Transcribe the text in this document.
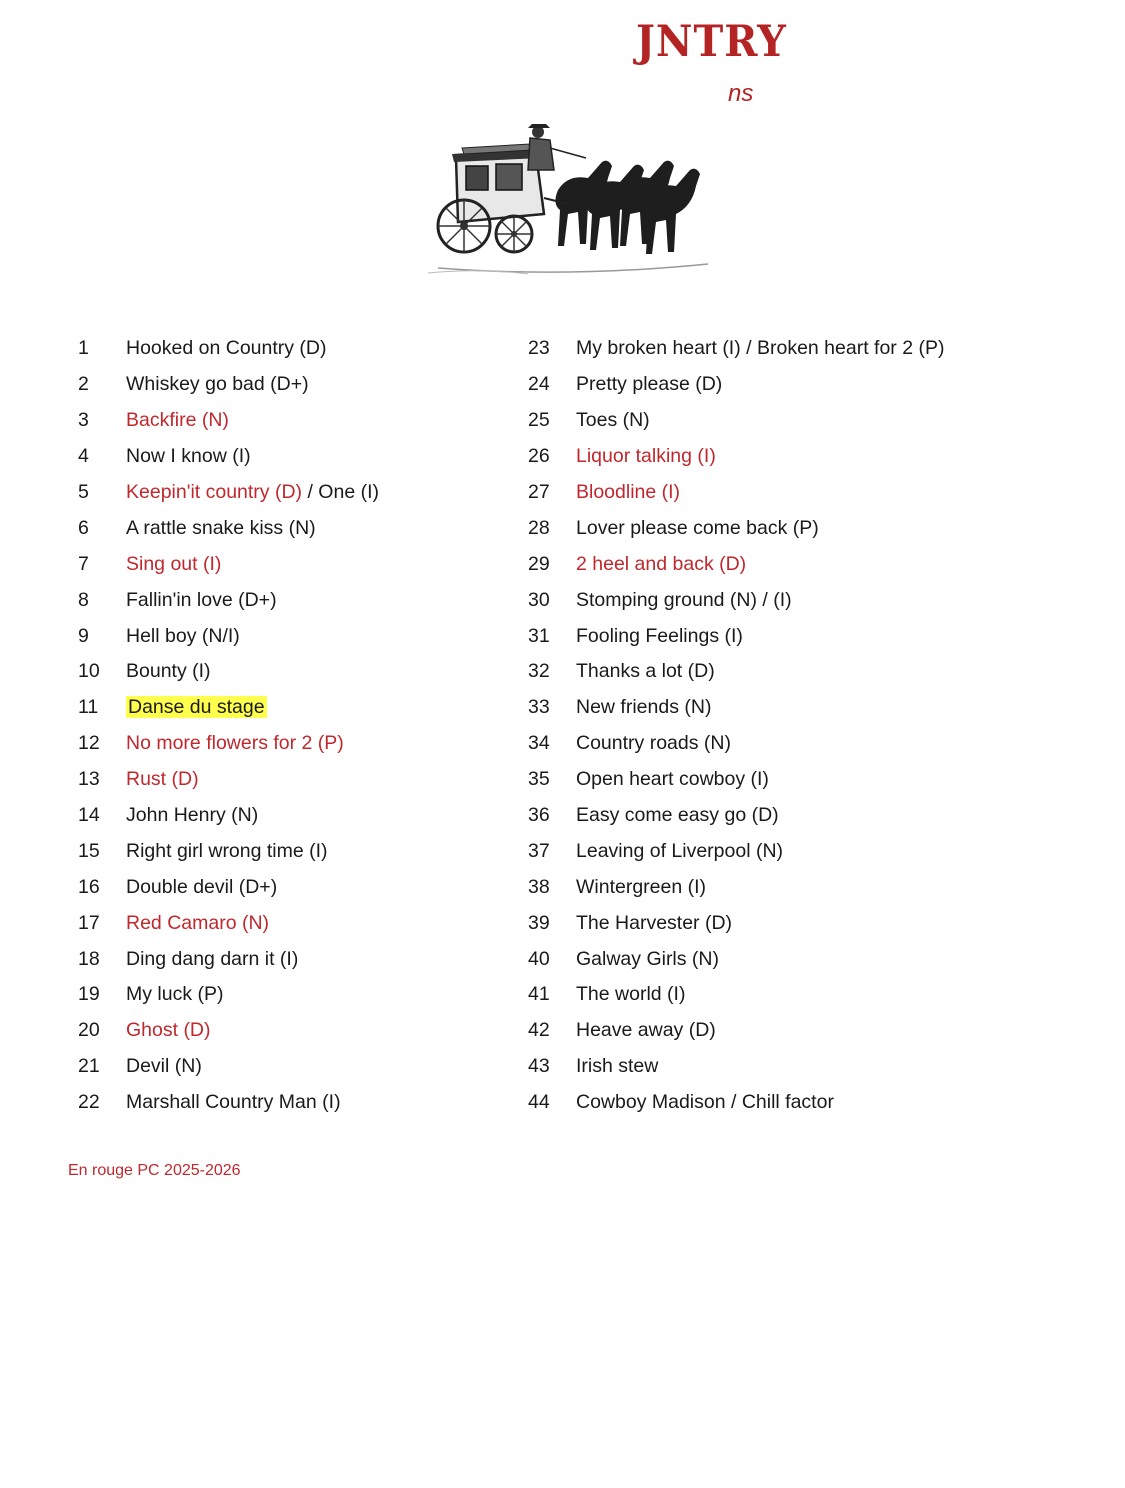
JNTRY
ns
1	Hooked on Country (D)
2	Whiskey go bad (D+)
3	Backfire (N)
4	Now I know (I)
5	Keepin'it country (D) / One (I)
6	A rattle snake kiss (N)
7	Sing out (I)
8	Fallin'in love (D+)
9	Hell boy (N/I)
10	Bounty (I)
11	Danse du stage
12	No more flowers for 2 (P)
13	Rust (D)
14	John Henry (N)
15	Right girl wrong time (I)
16	Double devil (D+)
17	Red Camaro (N)
18	Ding dang darn it (I)
19	My luck (P)
20	Ghost (D)
21	Devil (N)
22	Marshall Country Man (I)
23	My broken heart (I) / Broken heart for 2 (P)
24	Pretty please (D)
25	Toes (N)
26	Liquor talking (I)
27	Bloodline (I)
28	Lover please come back (P)
29	2 heel and back (D)
30	Stomping ground (N) / (I)
31	Fooling Feelings (I)
32	Thanks a lot (D)
33	New friends (N)
34	Country roads (N)
35	Open heart cowboy (I)
36	Easy come easy go (D)
37	Leaving of Liverpool (N)
38	Wintergreen (I)
39	The Harvester (D)
40	Galway Girls (N)
41	The world (I)
42	Heave away (D)
43	Irish stew
44	Cowboy Madison / Chill factor
En rouge PC 2025-2026
